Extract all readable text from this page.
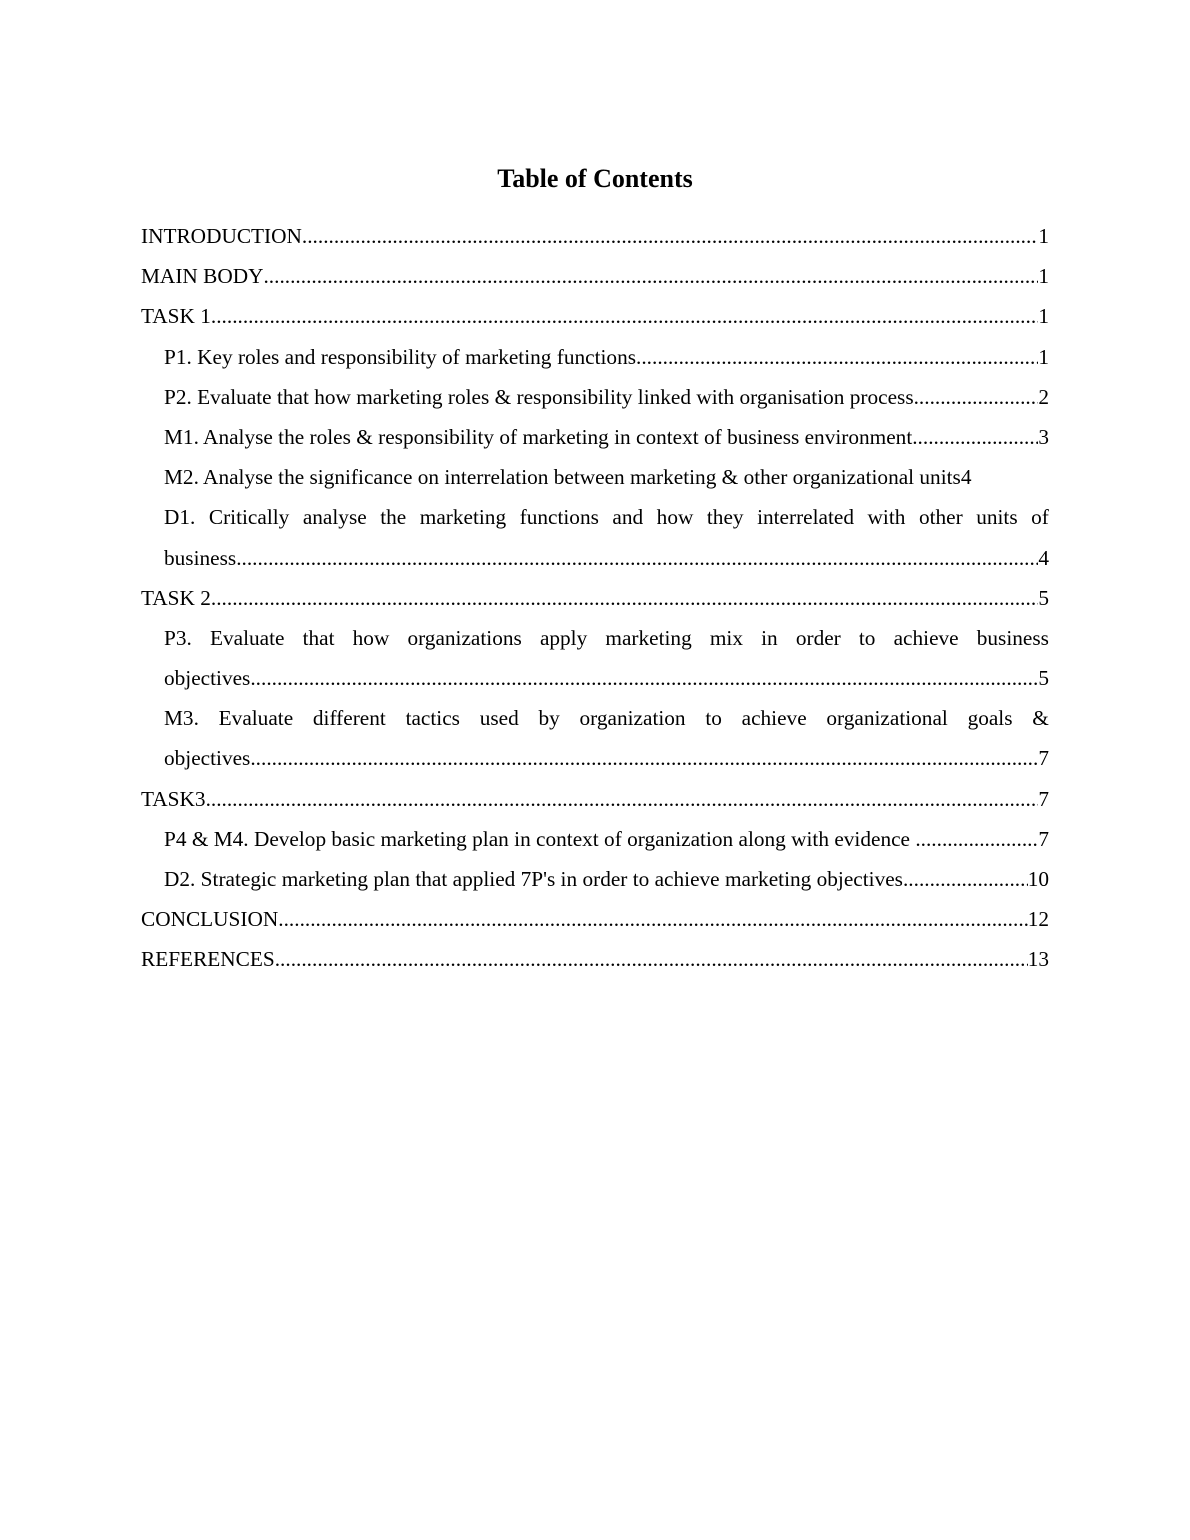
Table of Contents
INTRODUCTION .....	1
MAIN BODY .....	1
TASK 1 .....	1
P1. Key roles and responsibility of marketing functions .....	1
P2. Evaluate that how marketing roles & responsibility linked with organisation process .....	2
M1. Analyse the roles & responsibility of marketing in context of business environment .....	3
M2. Analyse the significance on interrelation between marketing & other organizational units 4
D1. Critically analyse the marketing functions and how they interrelated with other units of
business .....	4
TASK 2 .....	5
P3. Evaluate that how organizations apply marketing mix in order to achieve business
objectives .....	5
M3. Evaluate different tactics used by organization to achieve organizational goals &
objectives .....	7
TASK3 .....	7
P4 & M4. Develop basic marketing plan in context of organization along with evidence .....	7
D2. Strategic marketing plan that applied 7P's in order to achieve marketing objectives .....	10
CONCLUSION .....	12
REFERENCES .....	13
